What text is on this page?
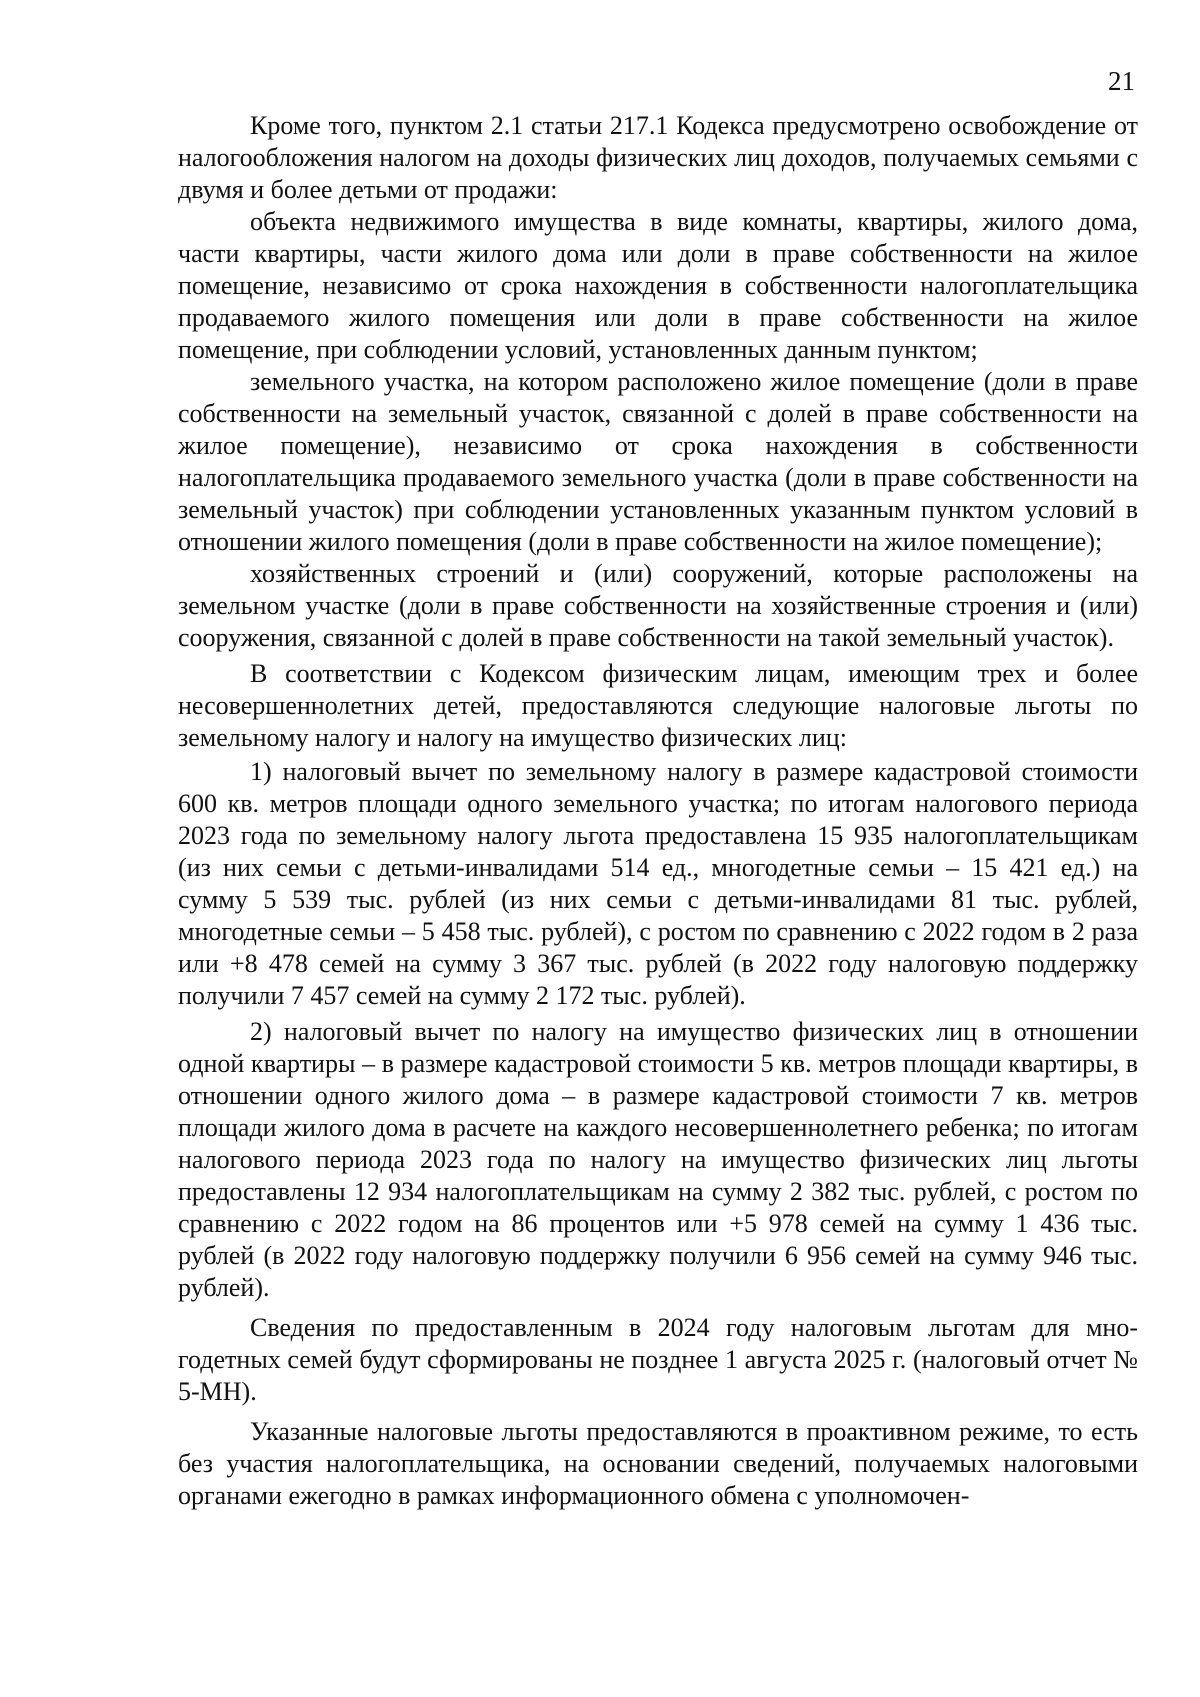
21

Кроме того, пунктом 2.1 статьи 217.1 Кодекса предусмотрено освобождение от налогообложения налогом на доходы физических лиц доходов, получаемых семьями с двумя и более детьми от продажи:

объекта недвижимого имущества в виде комнаты, квартиры, жилого дома, части квартиры, части жилого дома или доли в праве собственности на жилое помещение, независимо от срока нахождения в собственности налогоплательщика продаваемого жилого помещения или доли в праве собственности на жилое помещение, при соблюдении условий, установленных данным пунктом;

земельного участка, на котором расположено жилое помещение (доли в праве собственности на земельный участок, связанной с долей в праве собственности на жилое помещение), независимо от срока нахождения в собственности налогоплательщика продаваемого земельного участка (доли в праве собственности на земельный участок) при соблюдении установленных указанным пунктом условий в отношении жилого помещения (доли в праве собственности на жилое помещение);

хозяйственных строений и (или) сооружений, которые расположены на земельном участке (доли в праве собственности на хозяйственные строения и (или) сооружения, связанной с долей в праве собственности на такой земельный участок).

В соответствии с Кодексом физическим лицам, имеющим трех и более несовершеннолетних детей, предоставляются следующие налоговые льготы по земельному налогу и налогу на имущество физических лиц:

1) налоговый вычет по земельному налогу в размере кадастровой стоимости 600 кв. метров площади одного земельного участка; по итогам налогового периода 2023 года по земельному налогу льгота предоставлена 15 935 налогоплательщикам (из них семьи с детьми-инвалидами 514 ед., многодетные семьи – 15 421 ед.) на сумму 5 539 тыс. рублей (из них семьи с детьми-инвалидами 81 тыс. рублей, многодетные семьи – 5 458 тыс. рублей), с ростом по сравнению с 2022 годом в 2 раза или +8 478 семей на сумму 3 367 тыс. рублей (в 2022 году налоговую поддержку получили 7 457 семей на сумму 2 172 тыс. рублей).

2) налоговый вычет по налогу на имущество физических лиц в отношении одной квартиры – в размере кадастровой стоимости 5 кв. метров площади квартиры, в отношении одного жилого дома – в размере кадастровой стоимости 7 кв. метров площади жилого дома в расчете на каждого несовершеннолетнего ребенка; по итогам налогового периода 2023 года по налогу на имущество физических лиц льготы предоставлены 12 934 налогоплательщикам на сумму 2 382 тыс. рублей, с ростом по сравнению с 2022 годом на 86 процентов или +5 978 семей на сумму 1 436 тыс. рублей (в 2022 году налоговую поддержку получили 6 956 семей на сумму 946 тыс. рублей).

Сведения по предоставленным в 2024 году налоговым льготам для многодетных семей будут сформированы не позднее 1 августа 2025 г. (налоговый отчет № 5-МН).

Указанные налоговые льготы предоставляются в проактивном режиме, то есть без участия налогоплательщика, на основании сведений, получаемых налоговыми органами ежегодно в рамках информационного обмена с уполномочен-
